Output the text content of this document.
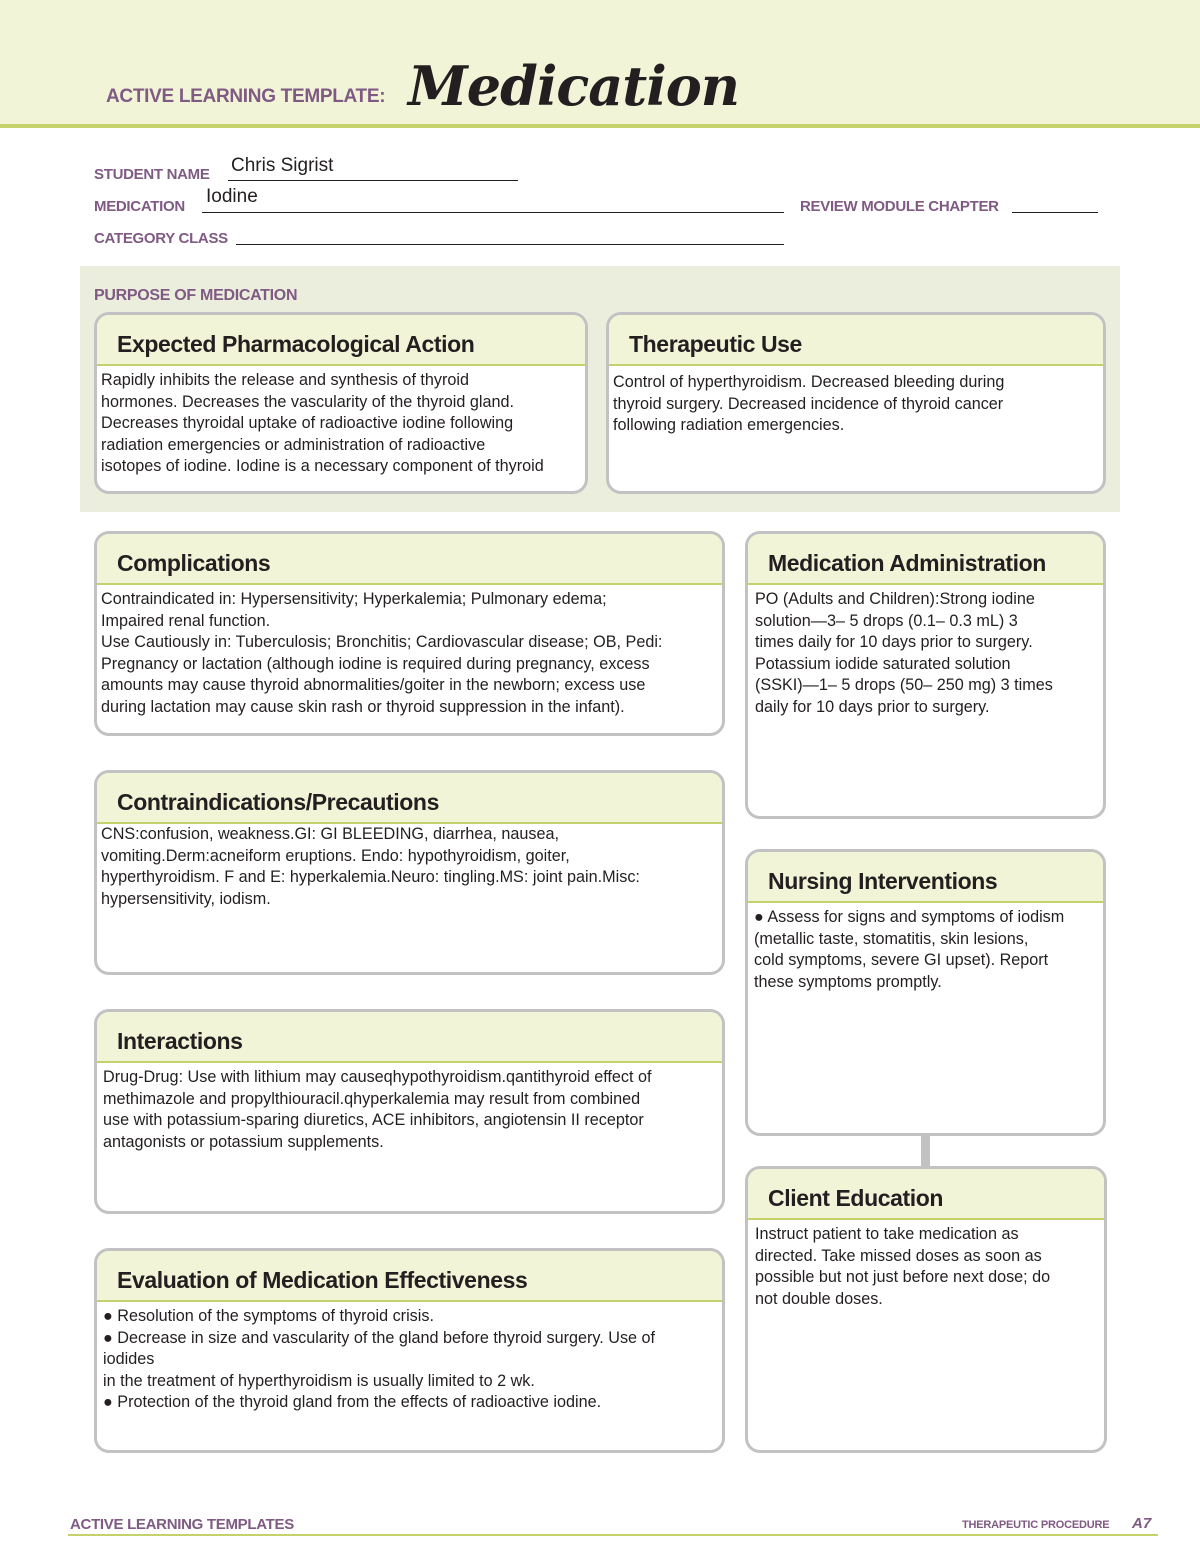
ACTIVE LEARNING TEMPLATE: Medication
STUDENT NAME Chris Sigrist
MEDICATION Iodine	REVIEW MODULE CHAPTER
CATEGORY CLASS
PURPOSE OF MEDICATION
Expected Pharmacological Action

Rapidly inhibits the release and synthesis of thyroid

hormones. Decreases the vascularity of the thyroid gland.

Decreases thyroidal uptake of radioactive iodine following

radiation emergencies or administration of radioactive

isotopes of iodine. Iodine is a necessary component of thyroid

Therapeutic Use

Control of hyperthyroidism. Decreased bleeding during

thyroid surgery. Decreased incidence of thyroid cancer

following radiation emergencies.

Complications

Contraindicated in: Hypersensitivity; Hyperkalemia; Pulmonary edema;

Impaired renal function.

Use Cautiously in: Tuberculosis; Bronchitis; Cardiovascular disease; OB, Pedi:

Pregnancy or lactation (although iodine is required during pregnancy, excess

amounts may cause thyroid abnormalities/goiter in the newborn; excess use

during lactation may cause skin rash or thyroid suppression in the infant).

Medication Administration

PO (Adults and Children):Strong iodine

solution—3– 5 drops (0.1– 0.3 mL) 3

times daily for 10 days prior to surgery.

Potassium iodide saturated solution

(SSKI)—1– 5 drops (50– 250 mg) 3 times

daily for 10 days prior to surgery.

Contraindications/Precautions

CNS:confusion, weakness.GI: GI BLEEDING, diarrhea, nausea,

vomiting.Derm:acneiform eruptions. Endo: hypothyroidism, goiter,

hyperthyroidism. F and E: hyperkalemia.Neuro: tingling.MS: joint pain.Misc:

hypersensitivity, iodism.

Nursing Interventions

● Assess for signs and symptoms of iodism

(metallic taste, stomatitis, skin lesions,

cold symptoms, severe GI upset). Report

these symptoms promptly.

Interactions

Drug-Drug: Use with lithium may causeqhypothyroidism.qantithyroid effect of

methimazole and propylthiouracil.qhyperkalemia may result from combined

use with potassium-sparing diuretics, ACE inhibitors, angiotensin II receptor

antagonists or potassium supplements.

Client Education

Instruct patient to take medication as

directed. Take missed doses as soon as

possible but not just before next dose; do

not double doses.

Evaluation of Medication Effectiveness

● Resolution of the symptoms of thyroid crisis.

● Decrease in size and vascularity of the gland before thyroid surgery. Use of

iodides

in the treatment of hyperthyroidism is usually limited to 2 wk.

● Protection of the thyroid gland from the effects of radioactive iodine.

ACTIVE LEARNING TEMPLATES	THERAPEUTIC PROCEDURE A7
